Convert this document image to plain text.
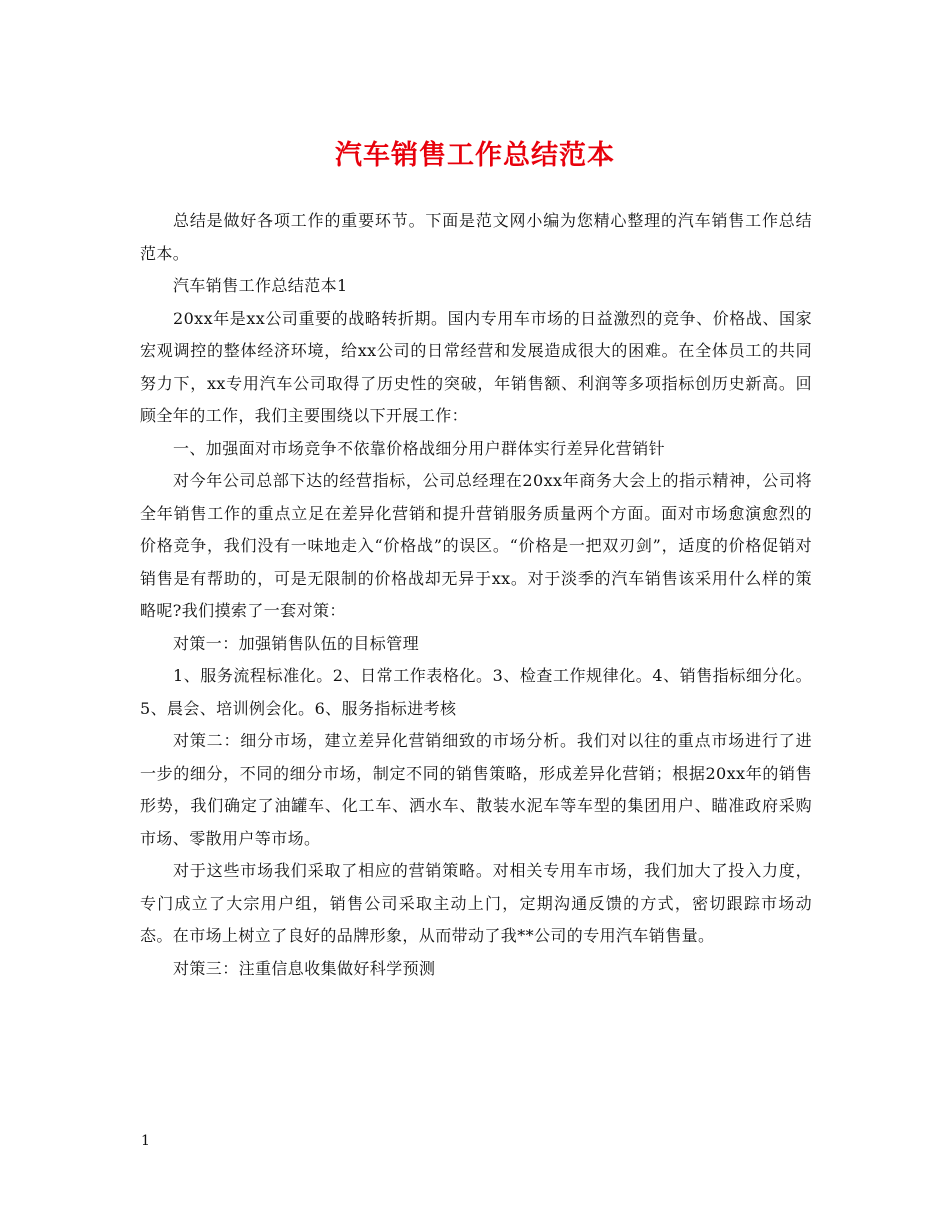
汽车销售工作总结范本

总结是做好各项工作的重要环节。下面是范文网小编为您精心整理的汽车销售工作总结范本。

汽车销售工作总结范本1

20xx年是xx公司重要的战略转折期。国内专用车市场的日益激烈的竞争、价格战、国家宏观调控的整体经济环境，给xx公司的日常经营和发展造成很大的困难。在全体员工的共同努力下，xx专用汽车公司取得了历史性的突破，年销售额、利润等多项指标创历史新高。回顾全年的工作，我们主要围绕以下开展工作：

一、加强面对市场竞争不依靠价格战细分用户群体实行差异化营销针

对今年公司总部下达的经营指标，公司总经理在20xx年商务大会上的指示精神，公司将全年销售工作的重点立足在差异化营销和提升营销服务质量两个方面。面对市场愈演愈烈的价格竞争，我们没有一味地走入“价格战”的误区。“价格是一把双刃剑”，适度的价格促销对销售是有帮助的，可是无限制的价格战却无异于xx。对于淡季的汽车销售该采用什么样的策略呢?我们摸索了一套对策：

对策一：加强销售队伍的目标管理

1、服务流程标准化。2、日常工作表格化。3、检查工作规律化。4、销售指标细分化。5、晨会、培训例会化。6、服务指标进考核

对策二：细分市场，建立差异化营销细致的市场分析。我们对以往的重点市场进行了进一步的细分，不同的细分市场，制定不同的销售策略，形成差异化营销；根据20xx年的销售形势，我们确定了油罐车、化工车、洒水车、散装水泥车等车型的集团用户、瞄准政府采购市场、零散用户等市场。

对于这些市场我们采取了相应的营销策略。对相关专用车市场，我们加大了投入力度，专门成立了大宗用户组，销售公司采取主动上门，定期沟通反馈的方式，密切跟踪市场动态。在市场上树立了良好的品牌形象，从而带动了我**公司的专用汽车销售量。

对策三：注重信息收集做好科学预测

1
